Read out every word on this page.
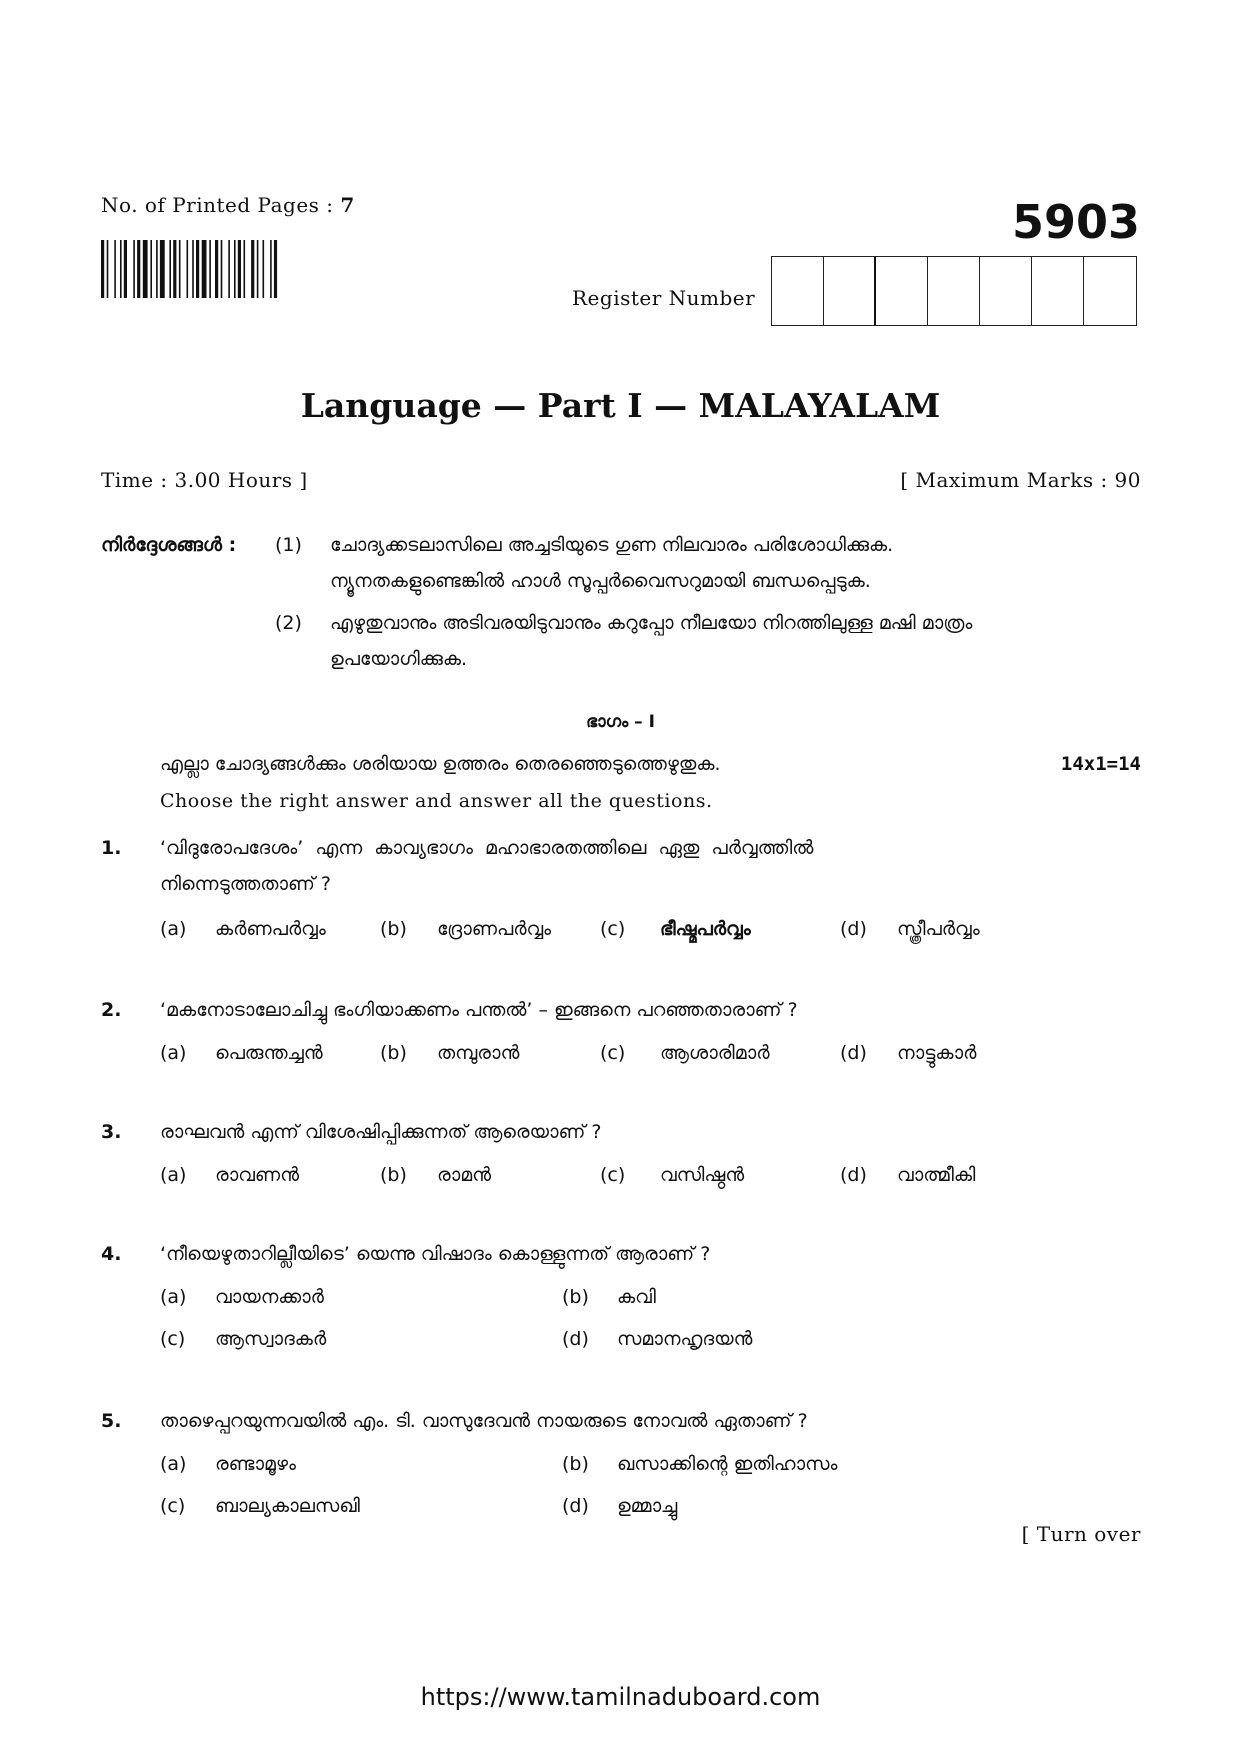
No. of Printed Pages : 7	5903
Register Number
Language — Part I — MALAYALAM
Time : 3.00 Hours ]	[ Maximum Marks : 90
നിർദ്ദേശങ്ങൾ : (1) ചോദ്യക്കടലാസിലെ അച്ചടിയുടെ ഗുണ നിലവാരം പരിശോധിക്കുക.
ന്യൂനതകളുണ്ടെങ്കിൽ ഹാൾ സൂപ്പർവൈസറുമായി ബന്ധപ്പെടുക.
(2) എഴുതുവാനും അടിവരയിടുവാനും കറുപ്പോ നീലയോ നിറത്തിലുള്ള മഷി മാത്രം
ഉപയോഗിക്കുക.
ഭാഗം – I
എല്ലാ ചോദ്യങ്ങൾക്കും ശരിയായ ഉത്തരം തെരഞ്ഞെടുത്തെഴുതുക.	14x1=14
Choose the right answer and answer all the questions.
1. ‘വിദുരോപദേശം’  എന്ന  കാവ്യഭാഗം  മഹാഭാരതത്തിലെ  ഏതു  പർവ്വത്തിൽ
നിന്നെടുത്തതാണ് ?
(a) കർണപർവ്വം	(b) ദ്രോണപർവ്വം	(c) ഭീഷ്മപർവ്വം	(d) സ്ത്രീപർവ്വം
2. ‘മകനോടാലോചിച്ചു ഭംഗിയാക്കണം പന്തൽ’ – ഇങ്ങനെ പറഞ്ഞതാരാണ് ?
(a) പെരുന്തച്ചൻ	(b) തമ്പുരാൻ	(c) ആശാരിമാർ	(d) നാട്ടുകാർ
3. രാഘവൻ എന്ന് വിശേഷിപ്പിക്കുന്നത് ആരെയാണ് ?
(a) രാവണൻ	(b) രാമൻ	(c) വസിഷ്ഠൻ	(d) വാത്മീകി
4. ‘നീയെഴുതാറില്ലീയിടെ’ യെന്നു വിഷാദം കൊള്ളുന്നത് ആരാണ് ?
(a) വായനക്കാർ	(b) കവി
(c) ആസ്വാദകർ	(d) സമാനഹൃദയൻ
5. താഴെപ്പറയുന്നവയിൽ എം. ടി. വാസുദേവൻ നായരുടെ നോവൽ ഏതാണ് ?
(a) രണ്ടാമൂഴം	(b) ഖസാക്കിന്റെ ഇതിഹാസം
(c) ബാല്യകാലസഖി	(d) ഉമ്മാച്ചു
[ Turn over
https://www.tamilnaduboard.com
